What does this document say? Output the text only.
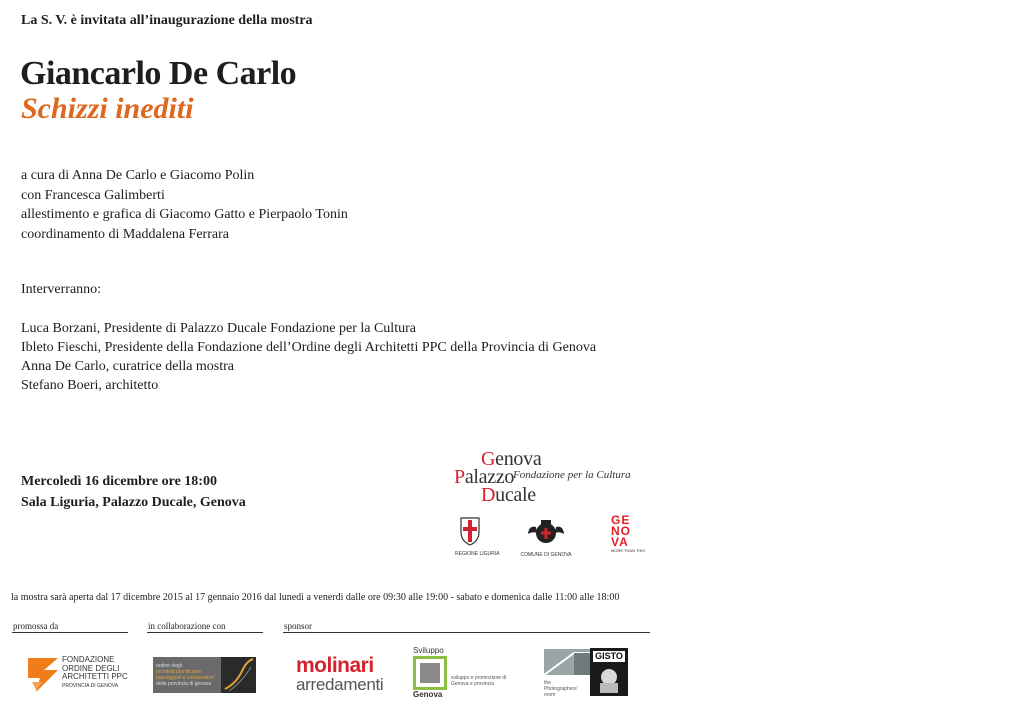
La S. V. è invitata all’inaugurazione della mostra
Giancarlo De Carlo
Schizzi inediti
a cura di Anna De Carlo e Giacomo Polin
con Francesca Galimberti
allestimento e grafica di Giacomo Gatto e Pierpaolo Tonin
coordinamento di Maddalena Ferrara
Interverranno:
Luca Borzani, Presidente di Palazzo Ducale Fondazione per la Cultura
Ibleto Fieschi, Presidente della Fondazione dell’Ordine degli Architetti PPC della Provincia di Genova
Anna De Carlo, curatrice della mostra
Stefano Boeri, architetto
Mercoledì 16 dicembre ore 18:00
Sala Liguria, Palazzo Ducale, Genova
Genova
Palazzo
Ducale
Fondazione per la Cultura
REGIONE LIGURIA	COMUNE DI GENOVA
GE
NO
VA
MORE THAN THIS
la mostra sarà aperta dal 17 dicembre 2015 al 17 gennaio 2016 dal lunedì a venerdì dalle ore 09:30 alle 19:00 - sabato e domenica dalle 11:00 alle 18:00
promossa da	in collaborazione con	sponsor
FONDAZIONE
ORDINE DEGLI
ARCHITETTI PPC
PROVINCIA DI GENOVA
ordine degli
architetti pianificatori
paesaggisti e conservatori
della provincia di genova
molinari
arredamenti
Sviluppo
Genova
sviluppo e promozione di Genova e provincia	the
Photographers'
room
GISTO
